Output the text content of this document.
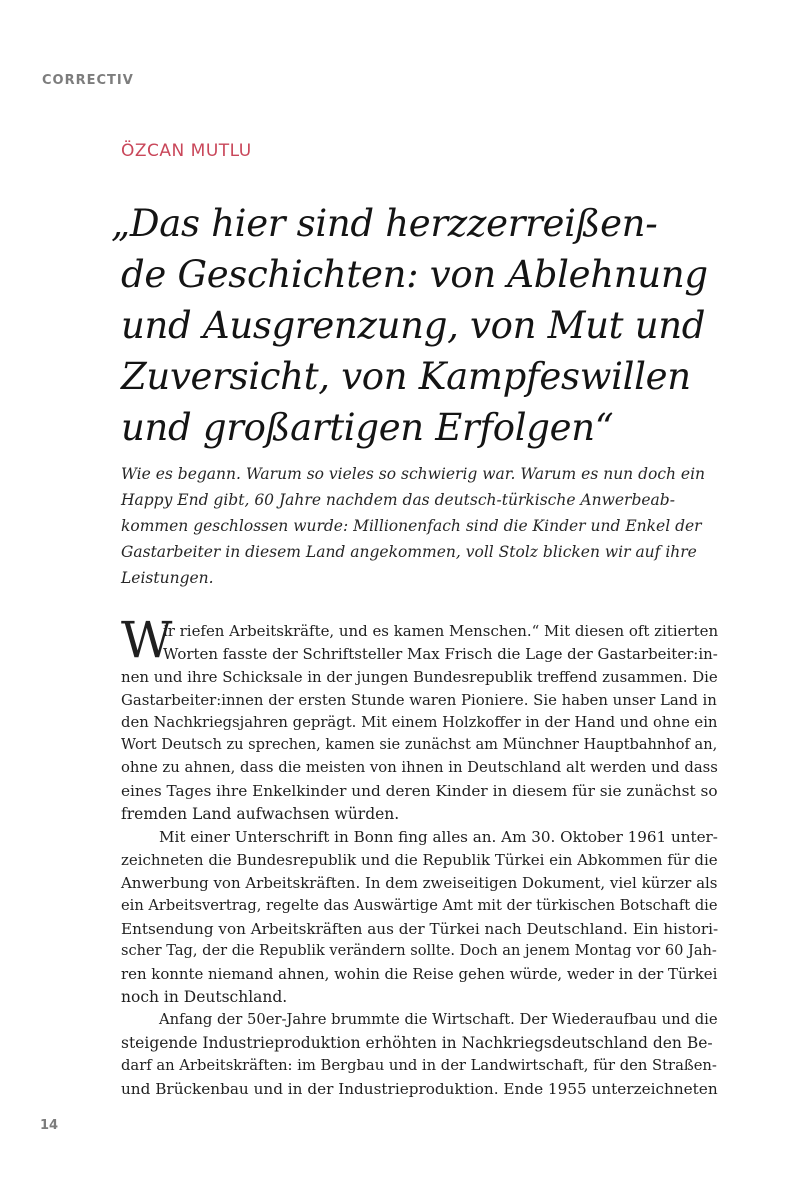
CORRECTIV
ÖZCAN MUTLU
„Das hier sind herzzerreißen-
de Geschichten: von Ablehnung
und Ausgrenzung, von Mut und
Zuversicht, von Kampfeswillen
und großartigen Erfolgen“

Wie es begann. Warum so vieles so schwierig war. Warum es nun doch ein
Happy End gibt, 60 Jahre nachdem das deutsch-türkische Anwerbeab-
kommen geschlossen wurde: Millionenfach sind die Kinder und Enkel der
Gastarbeiter in diesem Land angekommen, voll Stolz blicken wir auf ihre
Leistungen.

W
ir riefen Arbeitskräfte, und es kamen Menschen.“ Mit diesen oft zitierten
Worten fasste der Schriftsteller Max Frisch die Lage der Gastarbeiter:in-
nen und ihre Schicksale in der jungen Bundesrepublik treffend zusammen. Die
Gastarbeiter:innen der ersten Stunde waren Pioniere. Sie haben unser Land in
den Nachkriegsjahren geprägt. Mit einem Holzkoffer in der Hand und ohne ein
Wort Deutsch zu sprechen, kamen sie zunächst am Münchner Hauptbahnhof an,
ohne zu ahnen, dass die meisten von ihnen in Deutschland alt werden und dass
eines Tages ihre Enkelkinder und deren Kinder in diesem für sie zunächst so
fremden Land aufwachsen würden.
Mit einer Unterschrift in Bonn fing alles an. Am 30. Oktober 1961 unter-
zeichneten die Bundesrepublik und die Republik Türkei ein Abkommen für die
Anwerbung von Arbeitskräften. In dem zweiseitigen Dokument, viel kürzer als
ein Arbeitsvertrag, regelte das Auswärtige Amt mit der türkischen Botschaft die
Entsendung von Arbeitskräften aus der Türkei nach Deutschland. Ein histori-
scher Tag, der die Republik verändern sollte. Doch an jenem Montag vor 60 Jah-
ren konnte niemand ahnen, wohin die Reise gehen würde, weder in der Türkei
noch in Deutschland.
Anfang der 50er-Jahre brummte die Wirtschaft. Der Wiederaufbau und die
steigende Industrieproduktion erhöhten in Nachkriegsdeutschland den Be-
darf an Arbeitskräften: im Bergbau und in der Landwirtschaft, für den Straßen-
und Brückenbau und in der Industrieproduktion. Ende 1955 unterzeichneten
14
